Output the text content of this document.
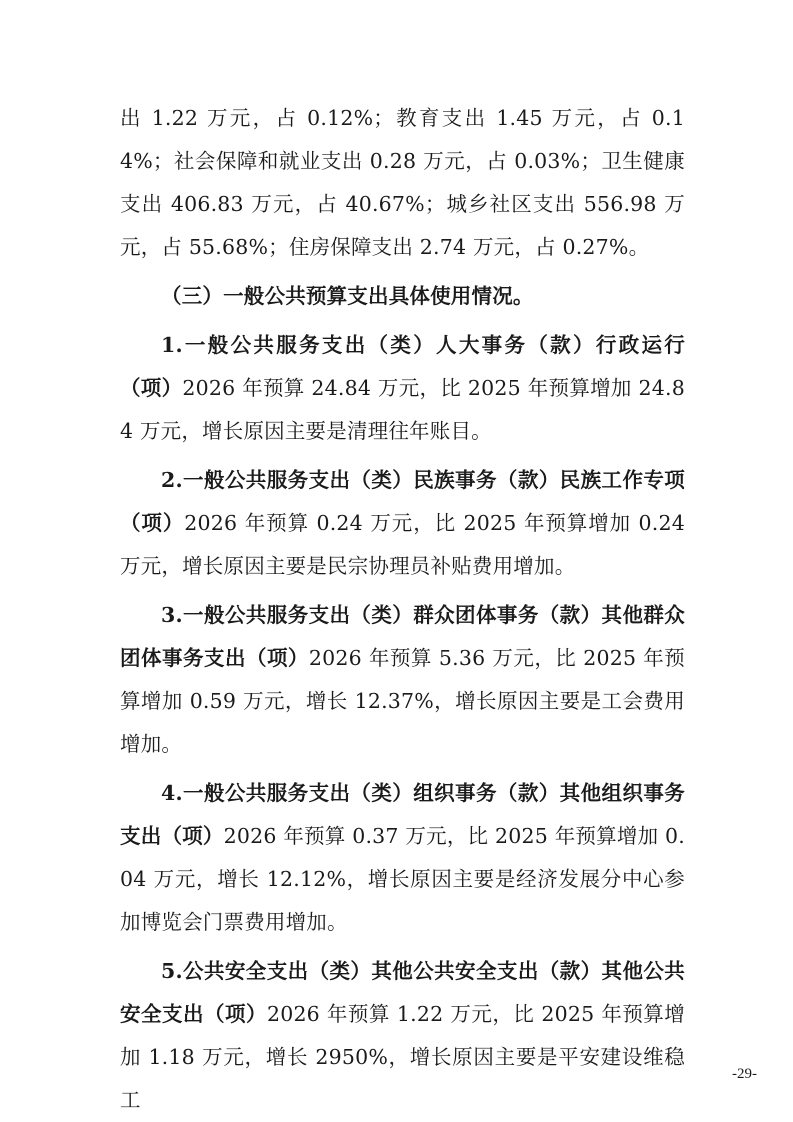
出 1.22 万元，占 0.12%；教育支出 1.45 万元，占 0.14%；社会保障和就业支出 0.28 万元，占 0.03%；卫生健康支出 406.83 万元，占 40.67%；城乡社区支出 556.98 万元，占 55.68%；住房保障支出 2.74 万元，占 0.27%。

（三）一般公共预算支出具体使用情况。

1.一般公共服务支出（类）人大事务（款）行政运行（项）2026 年预算 24.84 万元，比 2025 年预算增加 24.84 万元，增长原因主要是清理往年账目。

2.一般公共服务支出（类）民族事务（款）民族工作专项（项）2026 年预算 0.24 万元，比 2025 年预算增加 0.24 万元，增长原因主要是民宗协理员补贴费用增加。

3.一般公共服务支出（类）群众团体事务（款）其他群众团体事务支出（项）2026 年预算 5.36 万元，比 2025 年预算增加 0.59 万元，增长 12.37%，增长原因主要是工会费用增加。

4.一般公共服务支出（类）组织事务（款）其他组织事务支出（项）2026 年预算 0.37 万元，比 2025 年预算增加 0.04 万元，增长 12.12%，增长原因主要是经济发展分中心参加博览会门票费用增加。

5.公共安全支出（类）其他公共安全支出（款）其他公共安全支出（项）2026 年预算 1.22 万元，比 2025 年预算增加 1.18 万元，增长 2950%，增长原因主要是平安建设维稳工

-29-
